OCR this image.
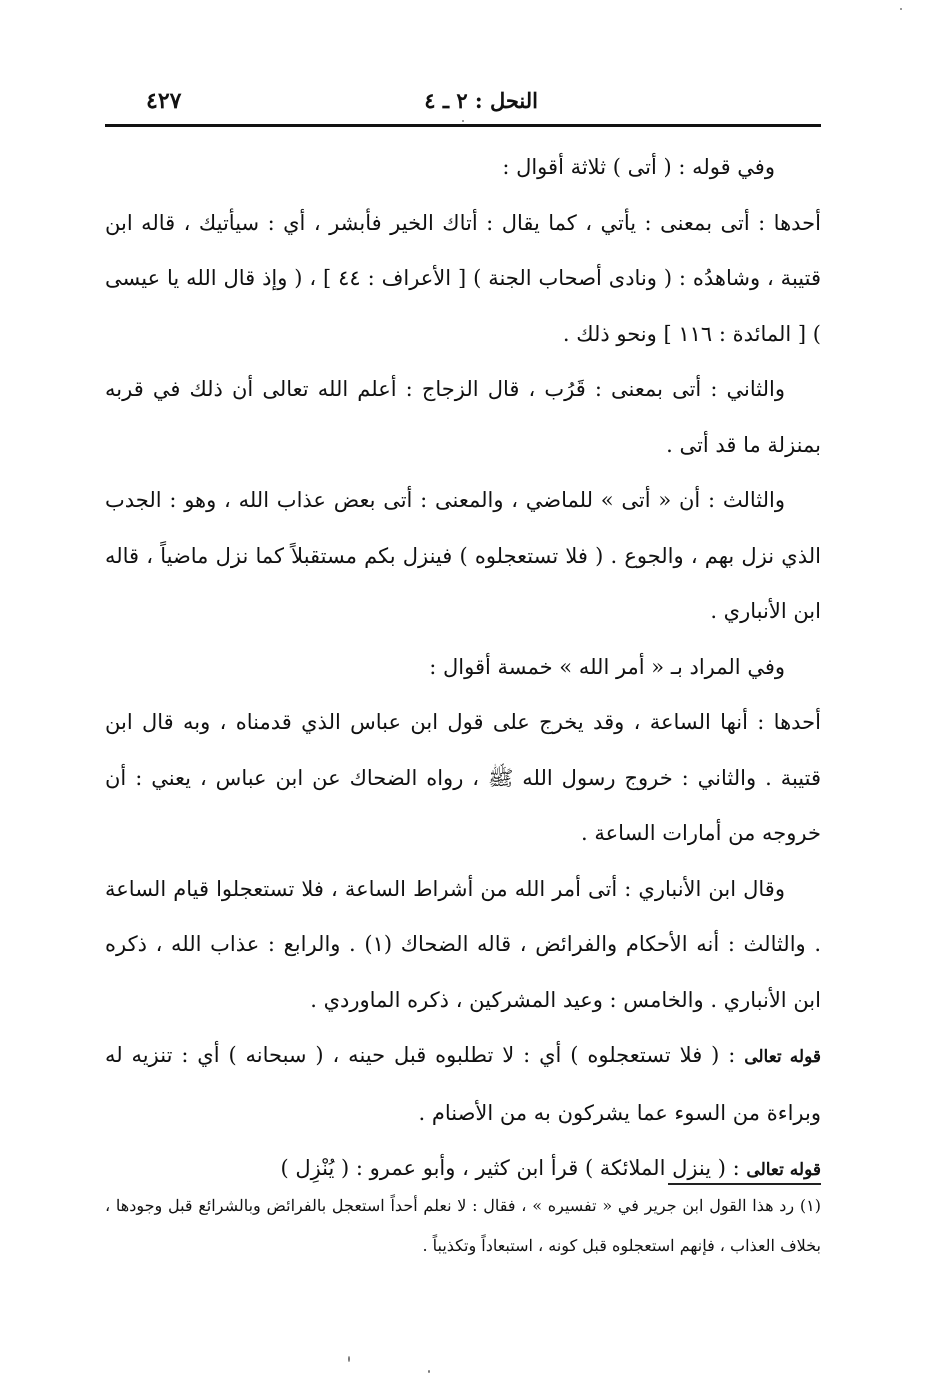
النحل : ٢ ـ ٤
٤٢٧

وفي قوله : ( أتى ) ثلاثة أقوال :

أحدها : أتى بمعنى : يأتي ، كما يقال : أتاك الخير فأبشر ، أي : سيأتيك ، قاله ابن قتيبة ، وشاهدُه : ( ونادى أصحاب الجنة ) [ الأعراف : ٤٤ ] ، ( وإذ قال الله يا عيسى ) [ المائدة : ١١٦ ] ونحو ذلك .

والثاني : أتى بمعنى : قَرُب ، قال الزجاج : أعلم الله تعالى أن ذلك في قربه بمنزلة ما قد أتى .

والثالث : أن « أتى » للماضي ، والمعنى : أتى بعض عذاب الله ، وهو : الجدب الذي نزل بهم ، والجوع . ( فلا تستعجلوه ) فينزل بكم مستقبلاً كما نزل ماضياً ، قاله ابن الأنباري .

وفي المراد بـ « أمر الله » خمسة أقوال :

أحدها : أنها الساعة ، وقد يخرج على قول ابن عباس الذي قدمناه ، وبه قال ابن قتيبة . والثاني : خروج رسول الله ﷺ ، رواه الضحاك عن ابن عباس ، يعني : أن خروجه من أمارات الساعة .

وقال ابن الأنباري : أتى أمر الله من أشراط الساعة ، فلا تستعجلوا قيام الساعة . والثالث : أنه الأحكام والفرائض ، قاله الضحاك (١) . والرابع : عذاب الله ، ذكره ابن الأنباري . والخامس : وعيد المشركين ، ذكره الماوردي .

قوله تعالى : ( فلا تستعجلوه ) أي : لا تطلبوه قبل حينه ، ( سبحانه ) أي : تنزيه له وبراءة من السوء عما يشركون به من الأصنام .

قوله تعالى : ( ينزل الملائكة ) قرأ ابن كثير ، وأبو عمرو : ( يُنْزِل )

(١) رد هذا القول ابن جرير في « تفسيره » ، فقال : لا نعلم أحداً استعجل بالفرائض وبالشرائع قبل وجودها ، بخلاف العذاب ، فإنهم استعجلوه قبل كونه ، استبعاداً وتكذيباً .
